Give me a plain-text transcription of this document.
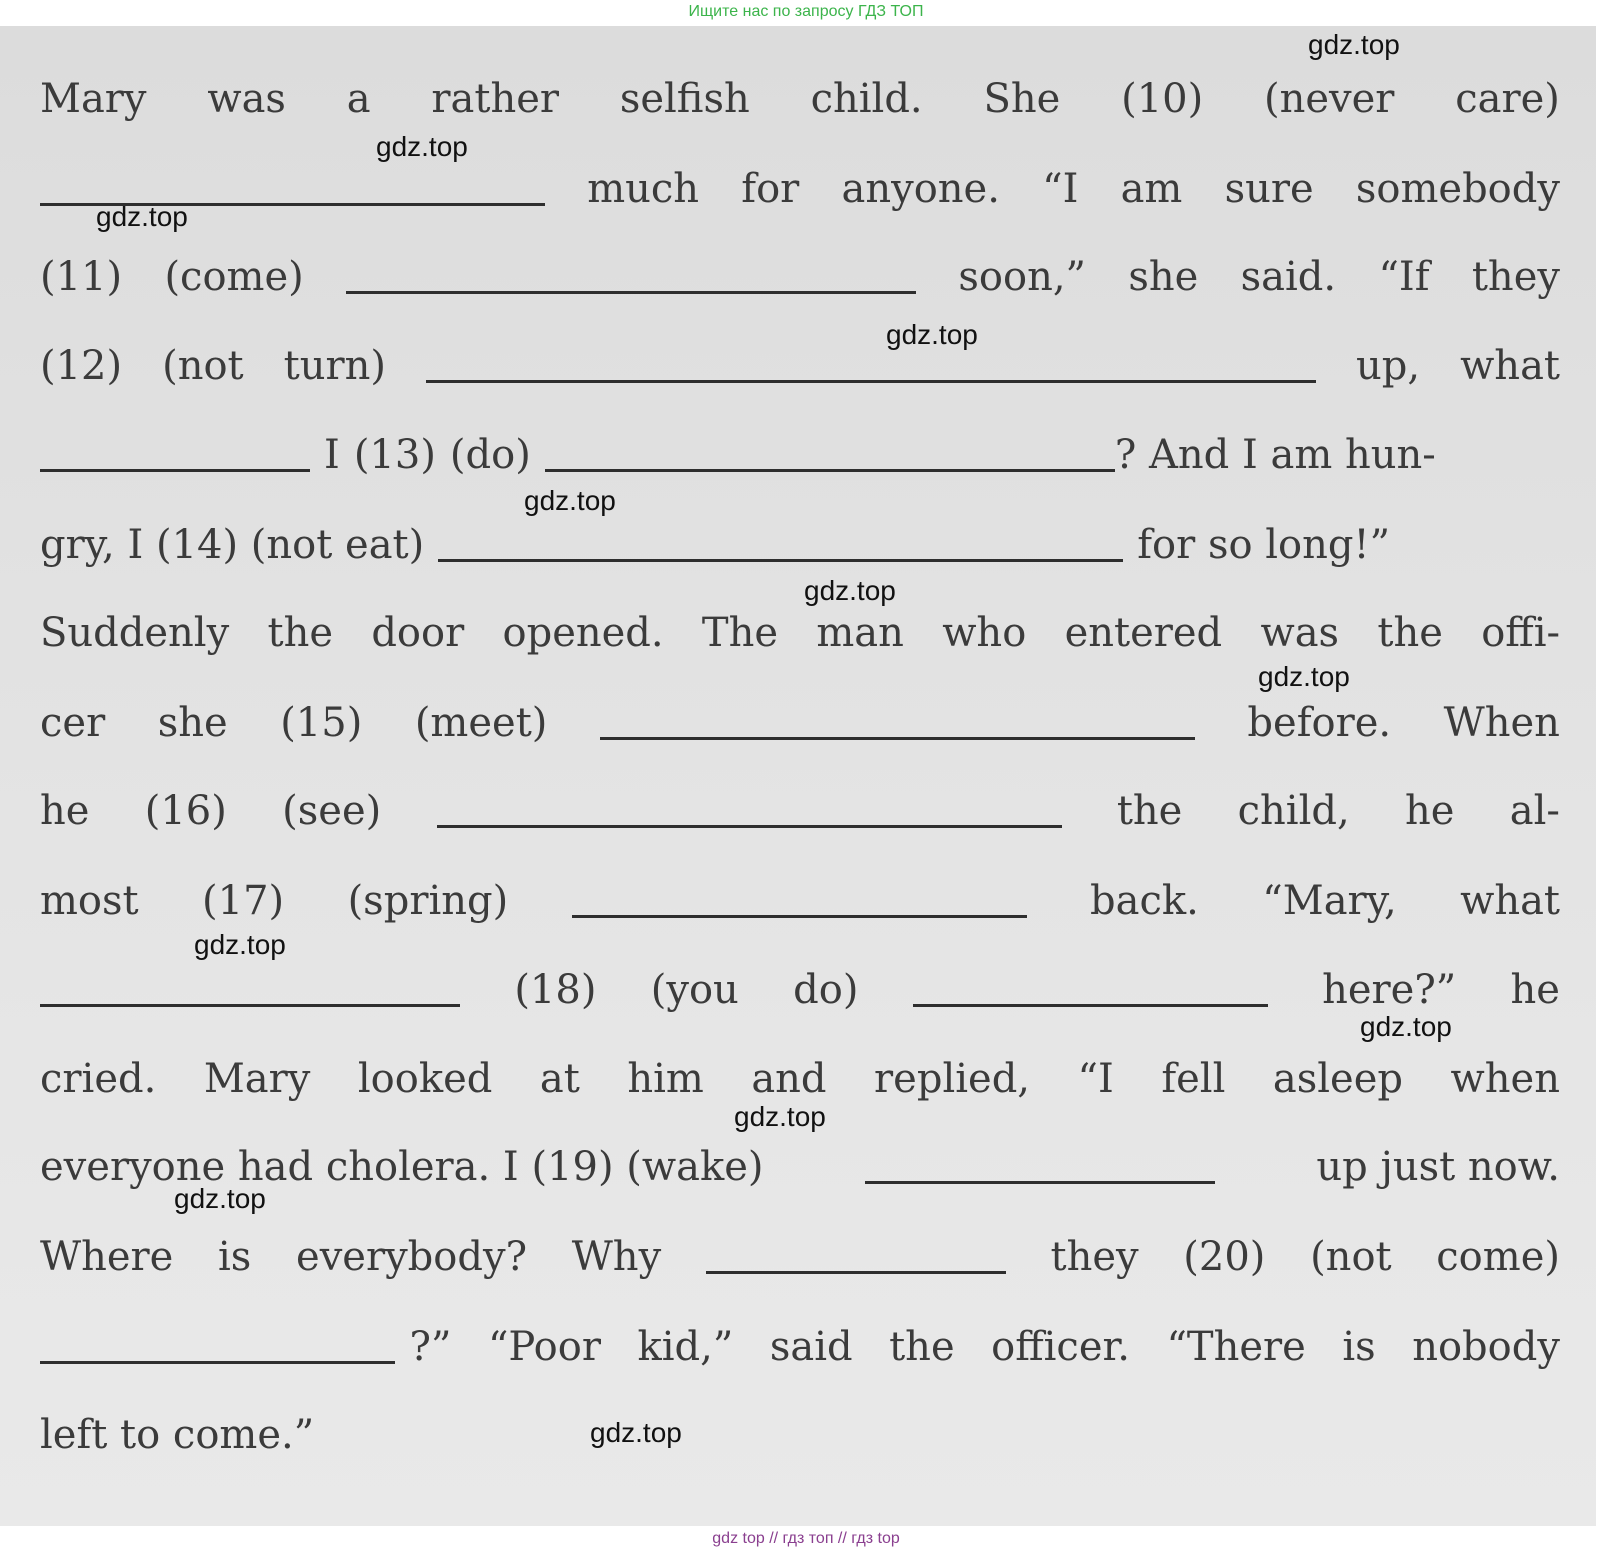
Ищите нас по запросу ГДЗ ТОП
Mary was a rather selfish child. She (10) (never care)
much for anyone. “I am sure somebody
(11) (come)	soon,” she said. “If they
(12) (not turn)	up, what
I (13) (do)	? And I am hun-
gry, I (14) (not eat)	for so long!”
Suddenly the door opened. The man who entered was the offi-
cer she (15) (meet)	before. When
he (16) (see)	the child, he al-
most (17) (spring)	back. “Mary, what
(18) (you do)	here?” he
cried. Mary looked at him and replied, “I fell asleep when
everyone had cholera. I (19) (wake)	up just now.
Where is everybody? Why	they (20) (not come)
?” “Poor kid,” said the officer. “There is nobody
left to come.”
gdz.top
gdz.top
gdz.top
gdz.top
gdz.top
gdz.top
gdz.top
gdz.top
gdz.top
gdz.top
gdz.top
gdz.top
gdz top // гдз топ // гдз top
